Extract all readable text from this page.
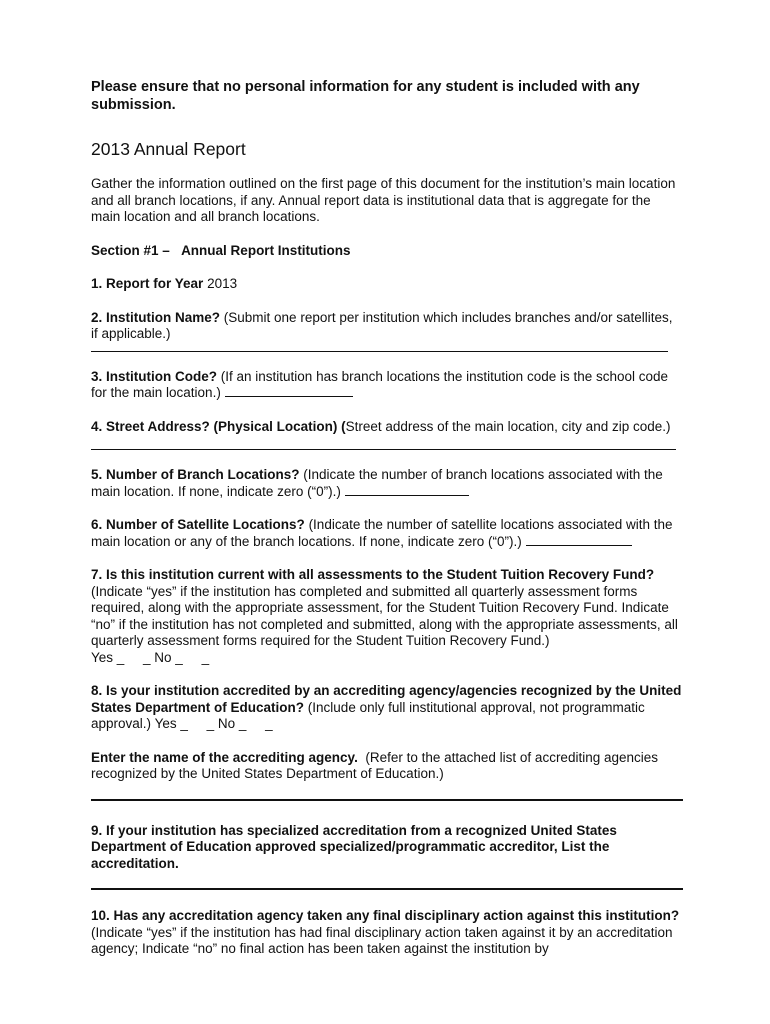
Please ensure that no personal information for any student is included with any submission.

2013 Annual Report

Gather the information outlined on the first page of this document for the institution’s main location and all branch locations, if any. Annual report data is institutional data that is aggregate for the main location and all branch locations.

Section #1 – Annual Report Institutions

1. Report for Year 2013

2. Institution Name? (Submit one report per institution which includes branches and/or satellites, if applicable.)

3. Institution Code? (If an institution has branch locations the institution code is the school code for the main location.)

4. Street Address? (Physical Location) (Street address of the main location, city and zip code.)

5. Number of Branch Locations? (Indicate the number of branch locations associated with the main location. If none, indicate zero (“0”).)

6. Number of Satellite Locations? (Indicate the number of satellite locations associated with the main location or any of the branch locations. If none, indicate zero (“0”).)

7. Is this institution current with all assessments to the Student Tuition Recovery Fund? (Indicate “yes” if the institution has completed and submitted all quarterly assessment forms required, along with the appropriate assessment, for the Student Tuition Recovery Fund. Indicate “no” if the institution has not completed and submitted, along with the appropriate assessments, all quarterly assessment forms required for the Student Tuition Recovery Fund.)

Yes _     _ No _     _

8. Is your institution accredited by an accrediting agency/agencies recognized by the United States Department of Education? (Include only full institutional approval, not programmatic approval.) Yes _     _ No _     _

Enter the name of the accrediting agency. (Refer to the attached list of accrediting agencies recognized by the United States Department of Education.)

9. If your institution has specialized accreditation from a recognized United States Department of Education approved specialized/programmatic accreditor, List the accreditation.

10. Has any accreditation agency taken any final disciplinary action against this institution? (Indicate “yes” if the institution has had final disciplinary action taken against it by an accreditation agency; Indicate “no” no final action has been taken against the institution by
